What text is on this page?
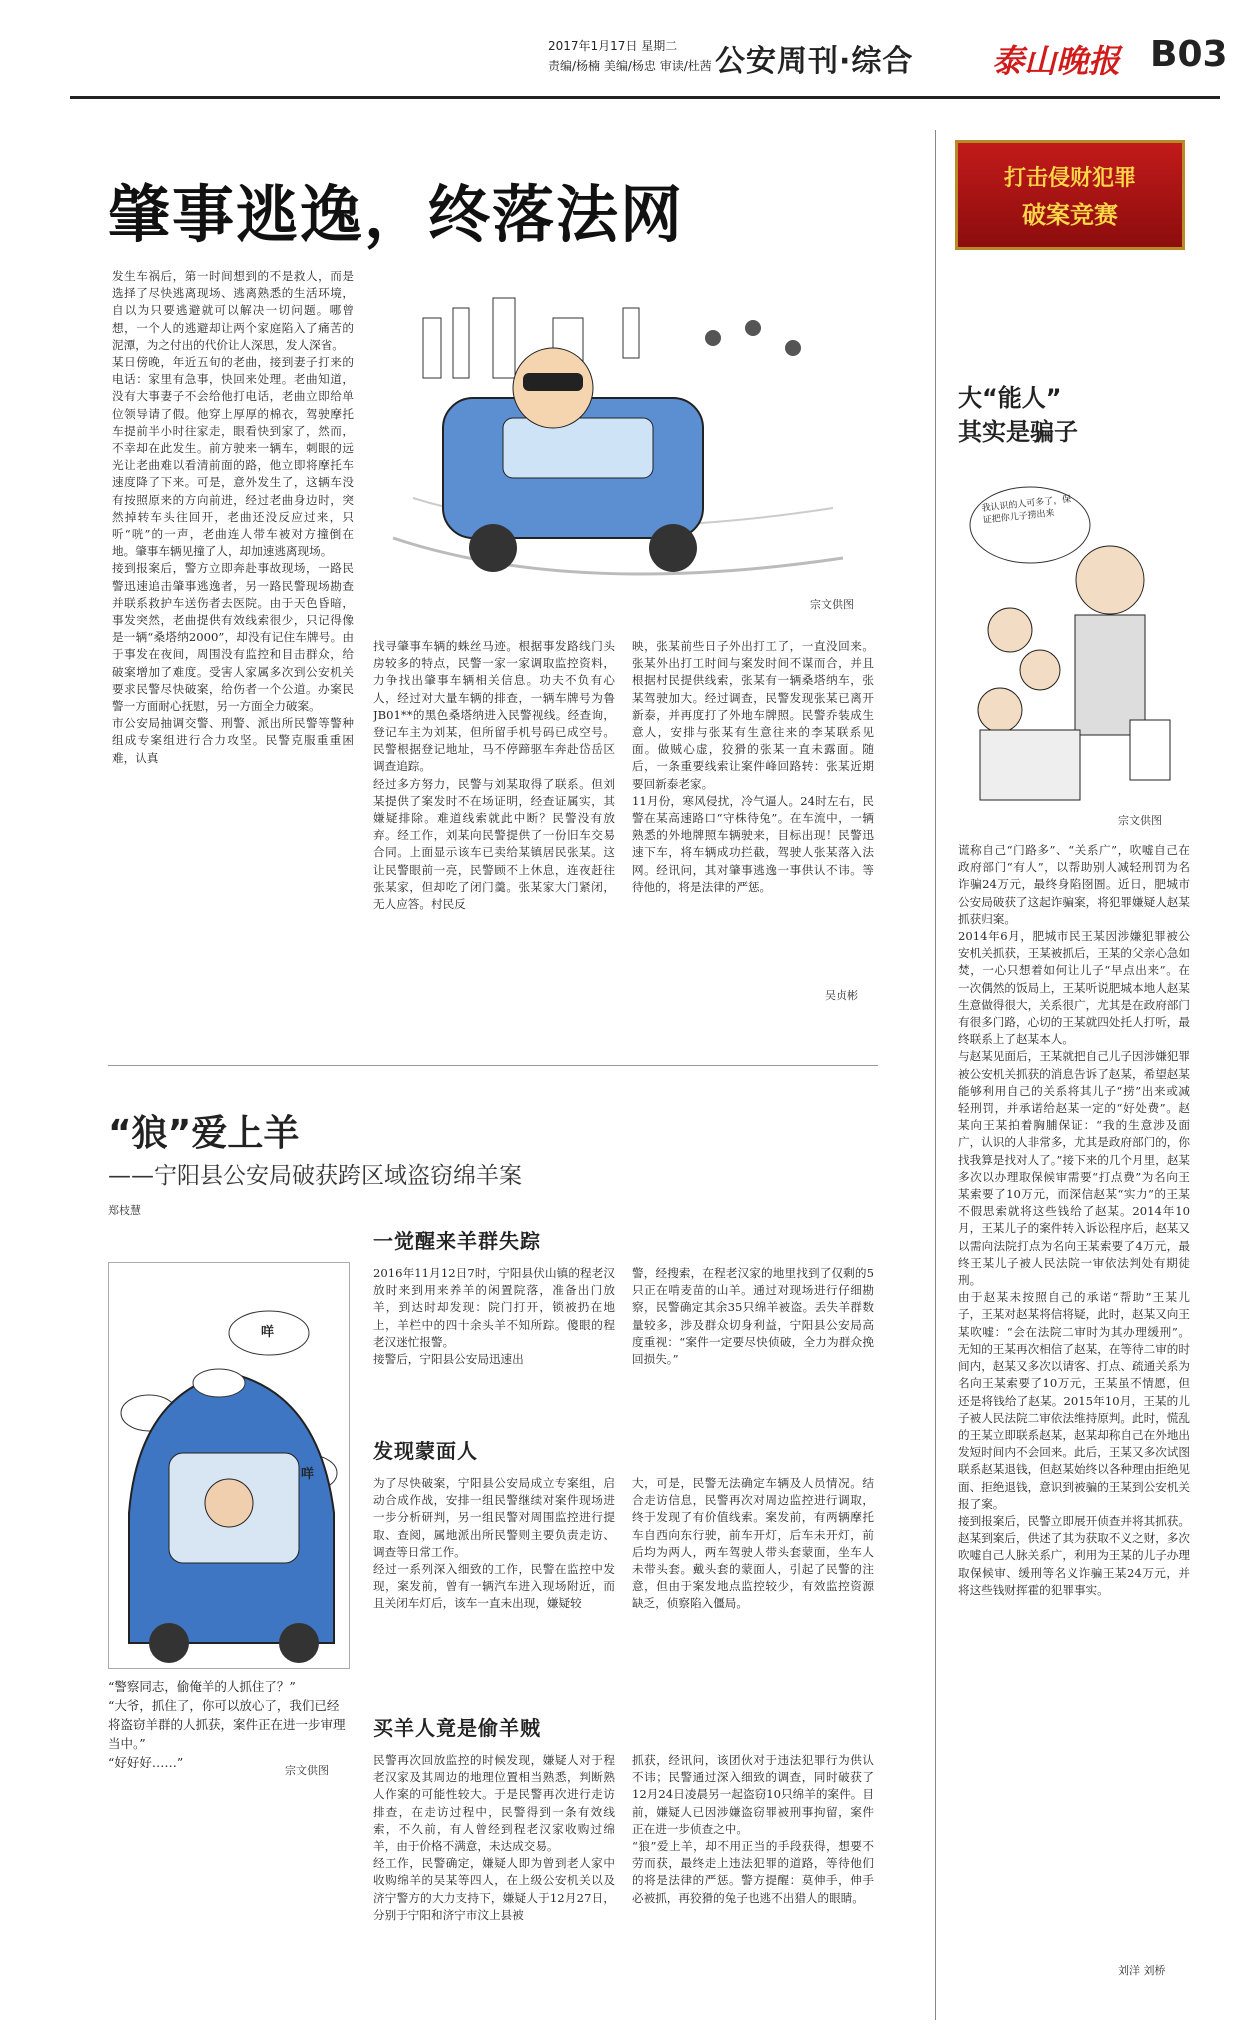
2017年1月17日 星期二
责编/杨楠 美编/杨忠 审读/杜茜 公安周刊·综合 泰山晚报 B03
肇事逃逸，终落法网
发生车祸后，第一时间想到的不是救人，而是选择了尽快逃离现场、逃离熟悉的生活环境，自以为只要逃避就可以解决一切问题。哪曾想，一个人的逃避却让两个家庭陷入了痛苦的泥潭，为之付出的代价让人深思，发人深省。
某日傍晚，年近五旬的老曲，接到妻子打来的电话：家里有急事，快回来处理。老曲知道，没有大事妻子不会给他打电话，老曲立即给单位领导请了假。他穿上厚厚的棉衣，驾驶摩托车提前半小时往家走，眼看快到家了，然而，不幸却在此发生。前方驶来一辆车，刺眼的远光让老曲难以看清前面的路，他立即将摩托车速度降了下来。可是，意外发生了，这辆车没有按照原来的方向前进，经过老曲身边时，突然掉转车头往回开，老曲还没反应过来，只听“咣”的一声，老曲连人带车被对方撞倒在地。肇事车辆见撞了人，却加速逃离现场。
接到报案后，警方立即奔赴事故现场，一路民警迅速追击肇事逃逸者，另一路民警现场勘查并联系救护车送伤者去医院。由于天色昏暗，事发突然，老曲提供有效线索很少，只记得像是一辆“桑塔纳2000”，却没有记住车牌号。由于事发在夜间，周围没有监控和目击群众，给破案增加了难度。受害人家属多次到公安机关要求民警尽快破案，给伤者一个公道。办案民警一方面耐心抚慰，另一方面全力破案。
市公安局抽调交警、刑警、派出所民警等警种组成专案组进行合力攻坚。民警克服重重困难，认真
宗文供图
找寻肇事车辆的蛛丝马迹。根据事发路线门头房较多的特点，民警一家一家调取监控资料，力争找出肇事车辆相关信息。功夫不负有心人，经过对大量车辆的排查，一辆车牌号为鲁JB01**的黑色桑塔纳进入民警视线。经查询，登记车主为刘某，但所留手机号码已成空号。民警根据登记地址，马不停蹄驱车奔赴岱岳区调查追踪。
经过多方努力，民警与刘某取得了联系。但刘某提供了案发时不在场证明，经查证属实，其嫌疑排除。难道线索就此中断？民警没有放弃。经工作，刘某向民警提供了一份旧车交易合同。上面显示该车已卖给某镇居民张某。这让民警眼前一亮，民警顾不上休息，连夜赶往张某家，但却吃了闭门羹。张某家大门紧闭，无人应答。村民反
映，张某前些日子外出打工了，一直没回来。张某外出打工时间与案发时间不谋而合，并且根据村民提供线索，张某有一辆桑塔纳车，张某驾驶加大。经过调查，民警发现张某已离开新泰，并再度打了外地车牌照。民警乔装成生意人，安排与张某有生意往来的李某联系见面。做贼心虚，狡猾的张某一直未露面。随后，一条重要线索让案件峰回路转：张某近期要回新泰老家。
11月份，寒风侵扰，冷气逼人。24时左右，民警在某高速路口“守株待兔”。在车流中，一辆熟悉的外地牌照车辆驶来，目标出现！民警迅速下车，将车辆成功拦截，驾驶人张某落入法网。经讯问，其对肇事逃逸一事供认不讳。等待他的，将是法律的严惩。
吴贞彬
打击侵财犯罪
破案竞赛
大“能人”
其实是骗子
我认识的人可多了，保证把你儿子捞出来
宗文供图
谎称自己“门路多”、“关系广”，吹嘘自己在政府部门“有人”，以帮助别人减轻刑罚为名诈骗24万元，最终身陷囹圄。近日，肥城市公安局破获了这起诈骗案，将犯罪嫌疑人赵某抓获归案。
2014年6月，肥城市民王某因涉嫌犯罪被公安机关抓获，王某被抓后，王某的父亲心急如焚，一心只想着如何让儿子“早点出来”。在一次偶然的饭局上，王某听说肥城本地人赵某生意做得很大，关系很广，尤其是在政府部门有很多门路，心切的王某就四处托人打听，最终联系上了赵某本人。
与赵某见面后，王某就把自己儿子因涉嫌犯罪被公安机关抓获的消息告诉了赵某，希望赵某能够利用自己的关系将其儿子“捞”出来或减轻刑罚，并承诺给赵某一定的“好处费”。赵某向王某拍着胸脯保证：“我的生意涉及面广，认识的人非常多，尤其是政府部门的，你找我算是找对人了。”接下来的几个月里，赵某多次以办理取保候审需要“打点费”为名向王某索要了10万元，而深信赵某“实力”的王某不假思索就将这些钱给了赵某。2014年10月，王某儿子的案件转入诉讼程序后，赵某又以需向法院打点为名向王某索要了4万元，最终王某儿子被人民法院一审依法判处有期徒刑。
由于赵某未按照自己的承诺“帮助”王某儿子，王某对赵某将信将疑，此时，赵某又向王某吹嘘：“会在法院二审时为其办理缓刑”。无知的王某再次相信了赵某，在等待二审的时间内，赵某又多次以请客、打点、疏通关系为名向王某索要了10万元，王某虽不情愿，但还是将钱给了赵某。2015年10月，王某的儿子被人民法院二审依法维持原判。此时，慌乱的王某立即联系赵某，赵某却称自己在外地出发短时间内不会回来。此后，王某又多次试图联系赵某退钱，但赵某始终以各种理由拒绝见面、拒绝退钱，意识到被骗的王某到公安机关报了案。
接到报案后，民警立即展开侦查并将其抓获。赵某到案后，供述了其为获取不义之财，多次吹嘘自己人脉关系广，利用为王某的儿子办理取保候审、缓刑等名义诈骗王某24万元，并将这些钱财挥霍的犯罪事实。
刘洋 刘桥
“狼”爱上羊
——宁阳县公安局破获跨区域盗窃绵羊案
郑枝慧
咩
咩
“警察同志，偷俺羊的人抓住了？”
“大爷，抓住了，你可以放心了，我们已经将盗窃羊群的人抓获，案件正在进一步审理当中。”
“好好好……”
宗文供图
一觉醒来羊群失踪
2016年11月12日7时，宁阳县伏山镇的程老汉放时来到用来养羊的闲置院落，准备出门放羊，到达时却发现：院门打开，锁被扔在地上，羊栏中的四十余头羊不知所踪。傻眼的程老汉迷忙报警。
接警后，宁阳县公安局迅速出
警，经搜索，在程老汉家的地里找到了仅剩的5只正在啃麦苗的山羊。通过对现场进行仔细勘察，民警确定其余35只绵羊被盗。丢失羊群数量较多，涉及群众切身利益，宁阳县公安局高度重视：“案件一定要尽快侦破，全力为群众挽回损失。”
发现蒙面人
为了尽快破案，宁阳县公安局成立专案组，启动合成作战，安排一组民警继续对案件现场进一步分析研判，另一组民警对周围监控进行提取、查阅，属地派出所民警则主要负责走访、调查等日常工作。
经过一系列深入细致的工作，民警在监控中发现，案发前，曾有一辆汽车进入现场附近，而且关闭车灯后，该车一直未出现，嫌疑较
大，可是，民警无法确定车辆及人员情况。结合走访信息，民警再次对周边监控进行调取，终于发现了有价值线索。案发前，有两辆摩托车自西向东行驶，前车开灯，后车未开灯，前后均为两人，两车驾驶人带头套蒙面，坐车人未带头套。戴头套的蒙面人，引起了民警的注意，但由于案发地点监控较少，有效监控资源缺乏，侦察陷入僵局。
买羊人竟是偷羊贼
民警再次回放监控的时候发现，嫌疑人对于程老汉家及其周边的地理位置相当熟悉，判断熟人作案的可能性较大。于是民警再次进行走访排查，在走访过程中，民警得到一条有效线索，不久前，有人曾经到程老汉家收购过绵羊，由于价格不满意，未达成交易。
经工作，民警确定，嫌疑人即为曾到老人家中收购绵羊的吴某等四人，在上级公安机关以及济宁警方的大力支持下，嫌疑人于12月27日，分别于宁阳和济宁市汶上县被
抓获，经讯问，该团伙对于违法犯罪行为供认不讳；民警通过深入细致的调查，同时破获了12月24日凌晨另一起盗窃10只绵羊的案件。目前，嫌疑人已因涉嫌盗窃罪被刑事拘留，案件正在进一步侦查之中。
“狼”爱上羊，却不用正当的手段获得，想要不劳而获，最终走上违法犯罪的道路，等待他们的将是法律的严惩。警方提醒：莫伸手，伸手必被抓，再狡猾的兔子也逃不出猎人的眼睛。
